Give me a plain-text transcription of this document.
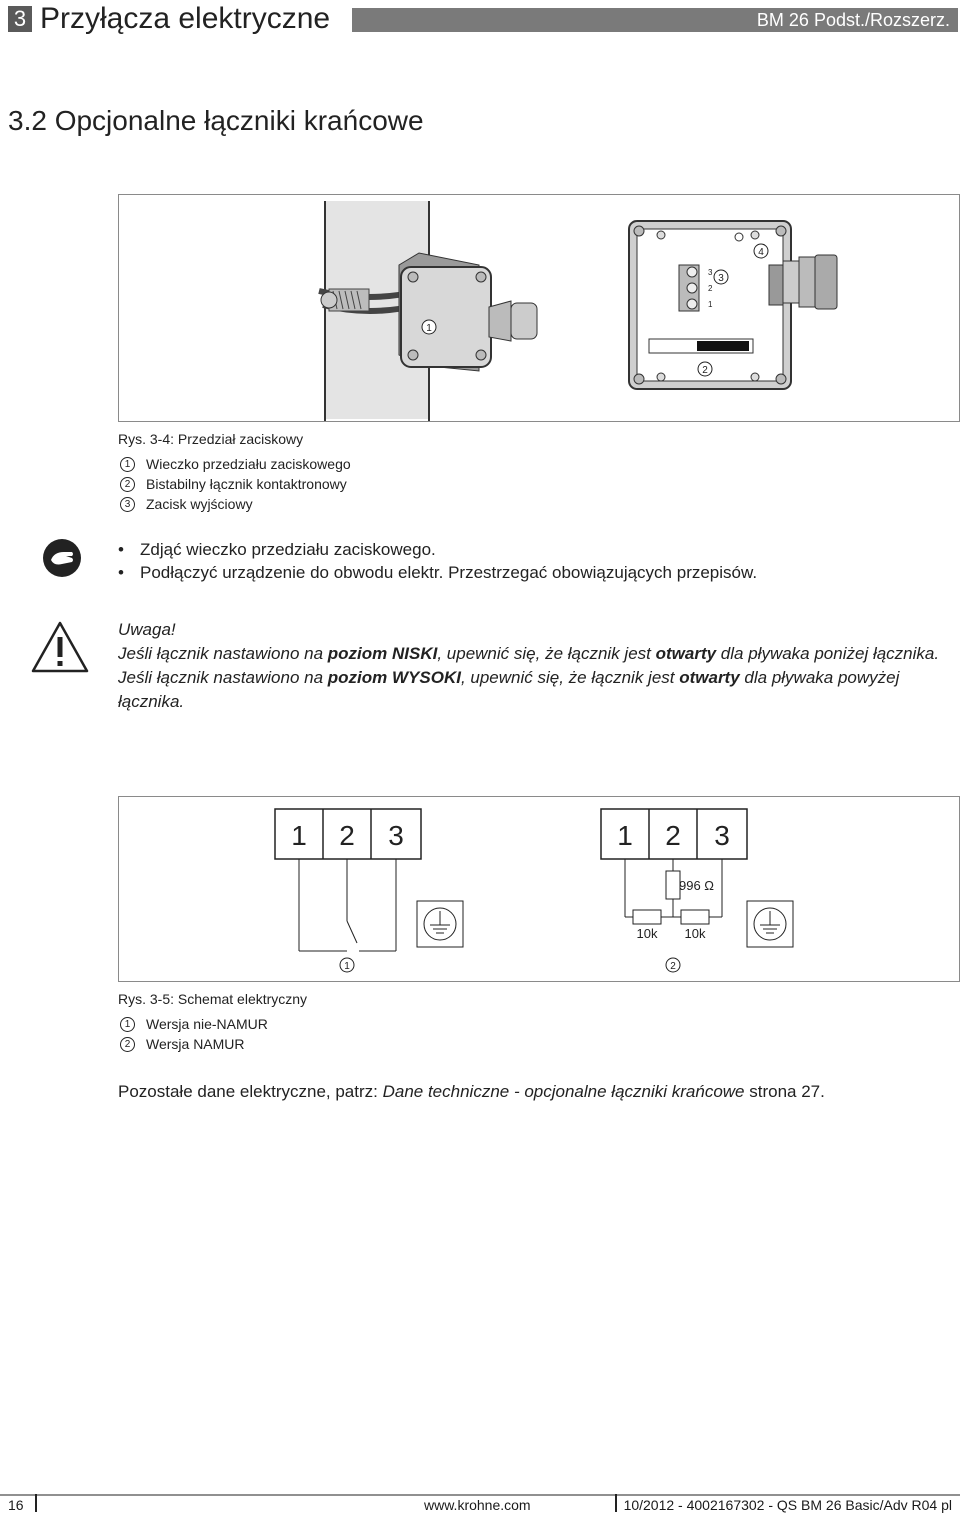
3 Przyłącza elektryczne	BM 26 Podst./Rozszerz.
3.2 Opcjonalne łączniki krańcowe
1
3
2
1
3
2
4
Rys. 3-4: Przedział zaciskowy
1	Wieczko przedziału zaciskowego
2	Bistabilny łącznik kontaktronowy
3	Zacisk wyjściowy
• Zdjąć wieczko przedziału zaciskowego.
• Podłączyć urządzenie do obwodu elektr. Przestrzegać obowiązujących przepisów.
Uwaga!
Jeśli łącznik nastawiono na poziom NISKI, upewnić się, że łącznik jest otwarty dla pływaka poniżej łącznika.
Jeśli łącznik nastawiono na poziom WYSOKI, upewnić się, że łącznik jest otwarty dla pływaka powyżej łącznika.
1 2 3
1
1 2 3
996 Ω
10k 10k
2
Rys. 3-5: Schemat elektryczny
1	Wersja nie-NAMUR
2	Wersja NAMUR
Pozostałe dane elektryczne, patrz: Dane techniczne - opcjonalne łączniki krańcowe strona 27.
16	www.krohne.com	10/2012 - 4002167302 - QS BM 26 Basic/Adv R04 pl
